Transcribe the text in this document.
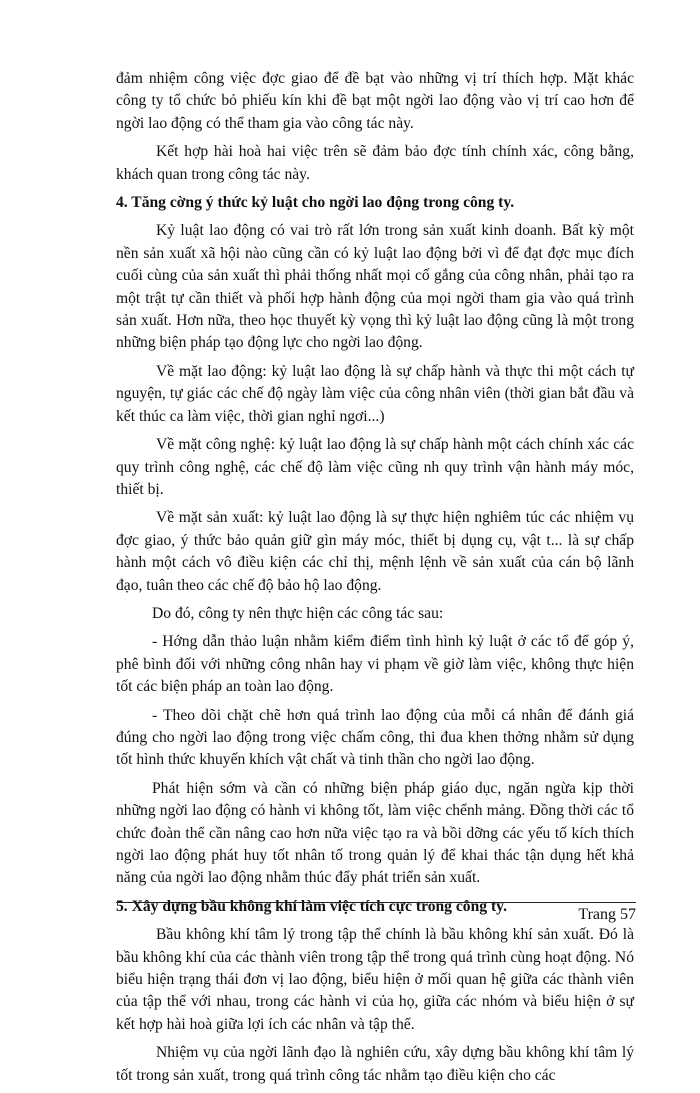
đảm nhiệm công việc đợc giao để đề bạt vào những vị trí thích hợp. Mặt khác công ty tổ chức bỏ phiếu kín khi đề bạt một ngời lao động vào vị trí cao hơn để ngời lao động có thể tham gia vào công tác này.

Kết hợp hài hoà hai việc trên sẽ đảm bảo đợc tính chính xác, công bằng, khách quan trong công tác này.

4. Tăng cờng ý thức kỷ luật cho ngời lao động trong công ty.

Kỷ luật lao động có vai trò rất lớn trong sản xuất kinh doanh. Bất kỳ một nền sản xuất xã hội nào cũng cần có kỷ luật lao động bởi vì để đạt đợc mục đích cuối cùng của sản xuất thì phải thống nhất mọi cố gắng của công nhân, phải tạo ra một trật tự cần thiết và phối hợp hành động của mọi ngời tham gia vào quá trình sản xuất. Hơn nữa, theo học thuyết kỳ vọng thì kỷ luật lao động cũng là một trong những biện pháp tạo động lực cho ngời lao động.

Về mặt lao động: kỷ luật lao động là sự chấp hành và thực thi một cách tự nguyện, tự giác các chế độ ngày làm việc của công nhân viên (thời gian bắt đầu và kết thúc ca làm việc, thời gian nghỉ ngơi...)

Về mặt công nghệ: kỷ luật lao động là sự chấp hành một cách chính xác các quy trình công nghệ, các chế độ làm việc cũng nh quy trình vận hành máy móc, thiết bị.

Về mặt sản xuất: kỷ luật lao động là sự thực hiện nghiêm túc các nhiệm vụ đợc giao, ý thức bảo quản giữ gìn máy móc, thiết bị dụng cụ, vật t... là sự chấp hành một cách vô điều kiện các chỉ thị, mệnh lệnh về sản xuất của cán bộ lãnh đạo, tuân theo các chế độ bảo hộ lao động.

Do đó, công ty nên thực hiện các công tác sau:

- Hớng dẫn thảo luận nhằm kiểm điểm tình hình kỷ luật ở các tổ để góp ý, phê bình đối với những công nhân hay vi phạm về giờ làm việc, không thực hiện tốt các biện pháp an toàn lao động.

- Theo dõi chặt chẽ hơn quá trình lao động của mỗi cá nhân để đánh giá đúng cho ngời lao động trong việc chấm công, thi đua khen thởng nhằm sử dụng tốt hình thức khuyến khích vật chất và tinh thần cho ngời lao động.

Phát hiện sớm và cần có những biện pháp giáo dục, ngăn ngừa kịp thời những ngời lao động có hành vi không tốt, làm việc chểnh mảng. Đồng thời các tổ chức đoàn thể cần nâng cao hơn nữa việc tạo ra và bồi dỡng các yếu tố kích thích ngời lao động phát huy tốt nhân tố trong quản lý để khai thác tận dụng hết khả năng của ngời lao động nhằm thúc đẩy phát triển sản xuất.

5. Xây dựng bầu không khí làm việc tích cực trong công ty.

Bầu không khí tâm lý trong tập thể chính là bầu không khí sản xuất. Đó là bầu không khí của các thành viên trong tập thể trong quá trình cùng hoạt động. Nó biểu hiện trạng thái đơn vị lao động, biểu hiện ở mối quan hệ giữa các thành viên của tập thể với nhau, trong các hành vi của họ, giữa các nhóm và biểu hiện ở sự kết hợp hài hoà giữa lợi ích các nhân và tập thể.

Nhiệm vụ của ngời lãnh đạo là nghiên cứu, xây dựng bầu không khí tâm lý tốt trong sản xuất, trong quá trình công tác nhằm tạo điều kiện cho các

Trang 57
